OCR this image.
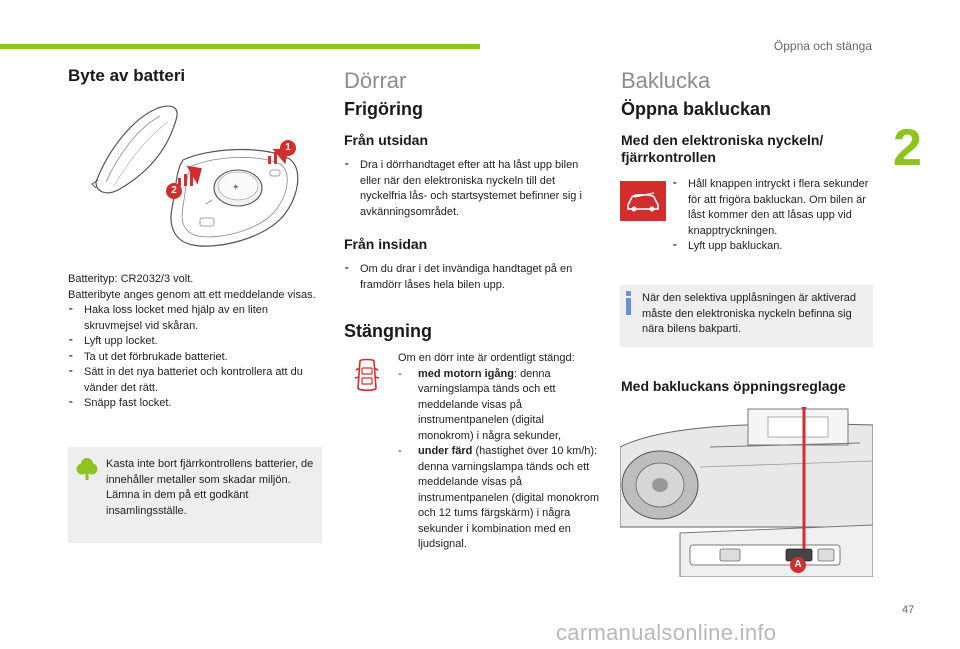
Öppna och stänga
2
Byte av batteri
✦
1
2
Batterityp: CR2032/3 volt.
Batteribyte anges genom att ett meddelande visas.
⁃ Haka loss locket med hjälp av en liten skruvmejsel vid skåran.
⁃ Lyft upp locket.
⁃ Ta ut det förbrukade batteriet.
⁃ Sätt in det nya batteriet och kontrollera att du vänder det rätt.
⁃ Snäpp fast locket.
Kasta inte bort fjärrkontrollens batterier, de innehåller metaller som skadar miljön.
Lämna in dem på ett godkänt insamlingsställe.
Dörrar
Frigöring
Från utsidan
⁃ Dra i dörrhandtaget efter att ha låst upp bilen eller när den elektroniska nyckeln till det nyckelfria lås- och startsystemet befinner sig i avkänningsområdet.
Från insidan
⁃ Om du drar i det invändiga handtaget på en framdörr låses hela bilen upp.
Stängning
Om en dörr inte är ordentligt stängd:
-	med motorn igång: denna varningslampa tänds och ett meddelande visas på instrumentpanelen (digital monokrom) i några sekunder,
-	under färd (hastighet över 10 km/h): denna varningslampa tänds och ett meddelande visas på instrumentpanelen (digital monokrom och 12 tums färgskärm) i några sekunder i kombination med en ljudsignal.
Baklucka
Öppna bakluckan
Med den elektroniska nyckeln/ fjärrkontrollen
⁃ Håll knappen intryckt i flera sekunder för att frigöra bakluckan. Om bilen är låst kommer den att låsas upp vid knapptryckningen.
⁃ Lyft upp bakluckan.
När den selektiva upplåsningen är aktiverad måste den elektroniska nyckeln befinna sig nära bilens bakparti.
Med bakluckans öppningsreglage
A
47
carmanualsonline.info
